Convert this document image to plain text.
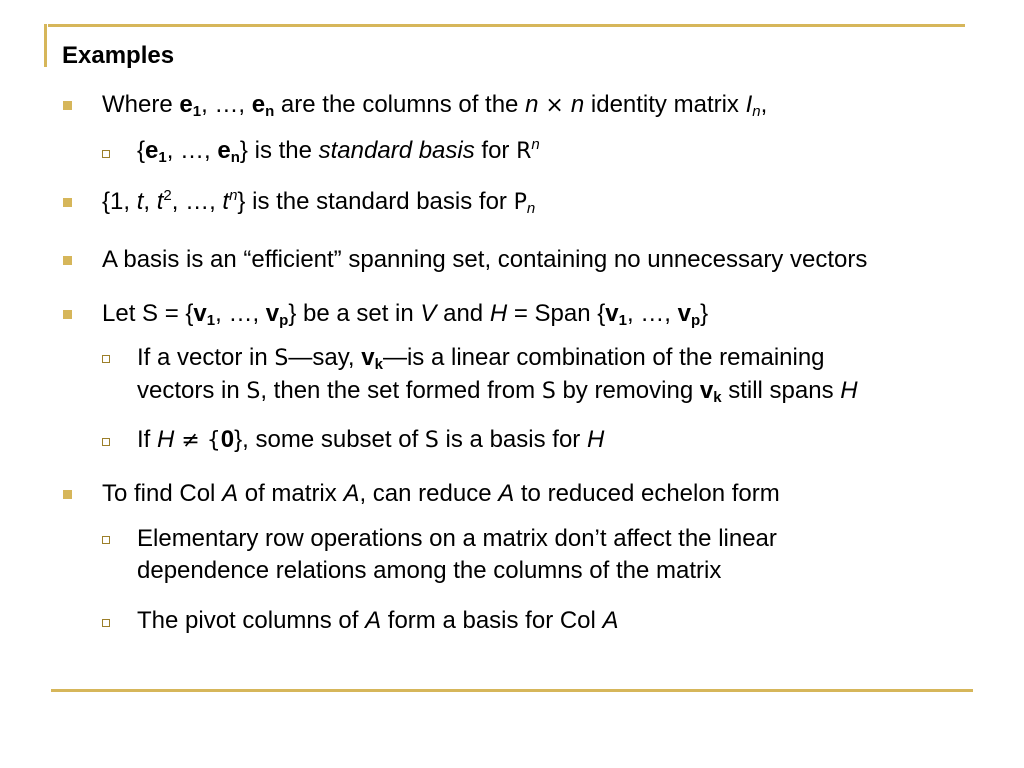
Examples
Where $e_1$, …, $e_n$ are the columns of the n × n identity matrix $I_n$,
{$e_1$, …, $e_n$} is the standard basis for $R^n$
{1, t, $t^2$, …, $t^n$} is the standard basis for $P_n$
A basis is an “efficient” spanning set, containing no unnecessary vectors
Let $S = \{v_1$, …, $v_p$} be a set in V and H = Span {$v_1$, …, $v_p$}
If a vector in S—say, $v_k—is$ a linear combination of the remaining
vectors in S, then the set formed from S by removing $v_k$ still spans H
If H ≠ {0}, some subset of S is a basis for H
To find Col A of matrix A, can reduce A to reduced echelon form
Elementary row operations on a matrix don’t affect the linear
dependence relations among the columns of the matrix
The pivot columns of A form a basis for Col A
